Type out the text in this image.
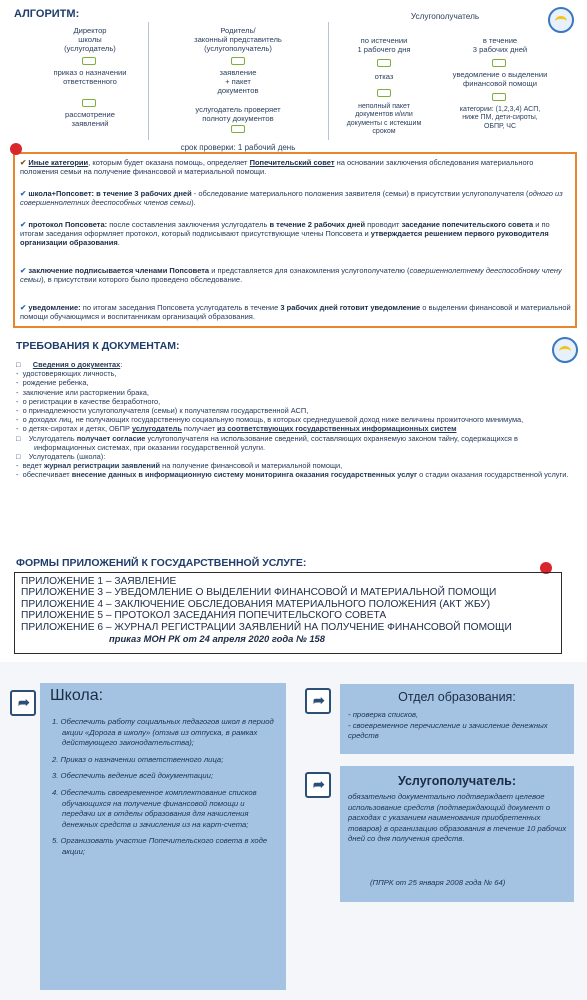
АЛГОРИТМ:
Директор
школы
(услугодатель)
приказ о назначении
ответственного
рассмотрение
заявлений
Родитель/
законный представитель
(услугополучатель)
заявление
+ пакет
документов
услугодатель проверяет
полноту документов
срок проверки: 1 рабочий день
Услугополучатель
по истечении
1 рабочего дня
в течение
3 рабочих дней
отказ	уведомление о выделении
финансовой помощи
неполный пакет
документов и/или
документы с истекшим
сроком
категории: (1,2,3,4) АСП,
ниже ПМ, дети-сироты,
ОБПР, ЧС
✔ Иные категории, которым будет оказана помощь, определяет Попечительский совет на основании заключения обследования материального положения семьи на получение финансовой и материальной помощи.
✔ школа+Попсовет: в течение 3 рабочих дней - обследование материального положения заявителя (семьи) в присутствии услугополучателя (одного из совершеннолетних дееспособных членов семьи).
✔ протокол Попсовета: после составления заключения услугодатель в течение 2 рабочих дней проводит заседание попечительского совета и по итогам заседания оформляет протокол, который подписывают присутствующие члены Попсовета и утверждается решением первого руководителя организации образования.
✔ заключение подписывается членами Попсовета и представляется для ознакомления услугополучателю (совершеннолетнему дееспособному члену семьи), в присутствии которого было проведено обследование.
✔ уведомление: по итогам заседания Попсовета услугодатель в течение 3 рабочих дней готовит уведомление о выделении финансовой и материальной помощи обучающимся и воспитанникам организаций образования.
ТРЕБОВАНИЯ К ДОКУМЕНТАМ:
□      Сведения о документах:
-  удостоверяющих личность,
-  рождение ребенка,
-  заключение или расторжении брака,
-  о регистрации в качестве безработного,
-  о принадлежности услугополучателя (семьи) к получателям государственной АСП,
-  о доходах лиц, не получающих государственную социальную помощь, в которых среднедушевой доход ниже величины прожиточного минимума,
-  о детях-сиротах и детях, ОБПР услугодатель получает из соответствующих государственных информационных систем
□    Услугодатель получает согласие услугополучателя на использование сведений, составляющих охраняемую законом тайну, содержащихся в информационных системах, при оказании государственной услуги.
□    Услугодатель (школа):
-  ведет журнал регистрации заявлений на получение финансовой и материальной помощи,
-  обеспечивает внесение данных в информационную систему мониторинга оказания государственных услуг о стадии оказания государственной услуги.
ФОРМЫ ПРИЛОЖЕНИЙ К ГОСУДАРСТВЕННОЙ УСЛУГЕ:
ПРИЛОЖЕНИЕ 1 – ЗАЯВЛЕНИЕ
ПРИЛОЖЕНИЕ 3 – УВЕДОМЛЕНИЕ О ВЫДЕЛЕНИИ ФИНАНСОВОЙ И МАТЕРИАЛЬНОЙ ПОМОЩИ
ПРИЛОЖЕНИЕ 4 – ЗАКЛЮЧЕНИЕ ОБСЛЕДОВАНИЯ МАТЕРИАЛЬНОГО ПОЛОЖЕНИЯ (АКТ ЖБУ)
ПРИЛОЖЕНИЕ 5 – ПРОТОКОЛ ЗАСЕДАНИЯ ПОПЕЧИТЕЛЬСКОГО СОВЕТА
ПРИЛОЖЕНИЕ 6 – ЖУРНАЛ РЕГИСТРАЦИИ ЗАЯВЛЕНИЙ НА ПОЛУЧЕНИЕ ФИНАНСОВОЙ ПОМОЩИ
приказ МОН РК от 24 апреля 2020 года № 158
➦ Школа:
1. Обеспечить работу социальных педагогов школ в период акции «Дорога в школу» (отзыв из отпуска, в рамках действующего законодательства);
2. Приказ о назначении ответственного лица;
3. Обеспечить ведение всей документации;
4. Обеспечить своевременное комплектование списков обучающихся на получение финансовой помощи и передачи их в отделы образования для начисления денежных средств и зачисления из на карт-счета;
5. Организовать участие Попечительского совета в ходе акции;
➦	Отдел образования:
- проверка списков,
- своевременное перечисление и зачисление денежных средств
➦	Услугополучатель:
обязательно документально подтверждает целевое использование средств (подтверждающий документ о расходах с указанием наименования приобретенных товаров) в организацию образования в течение 10 рабочих дней со дня получения средств.
(ППРК от 25 января 2008 года № 64)
